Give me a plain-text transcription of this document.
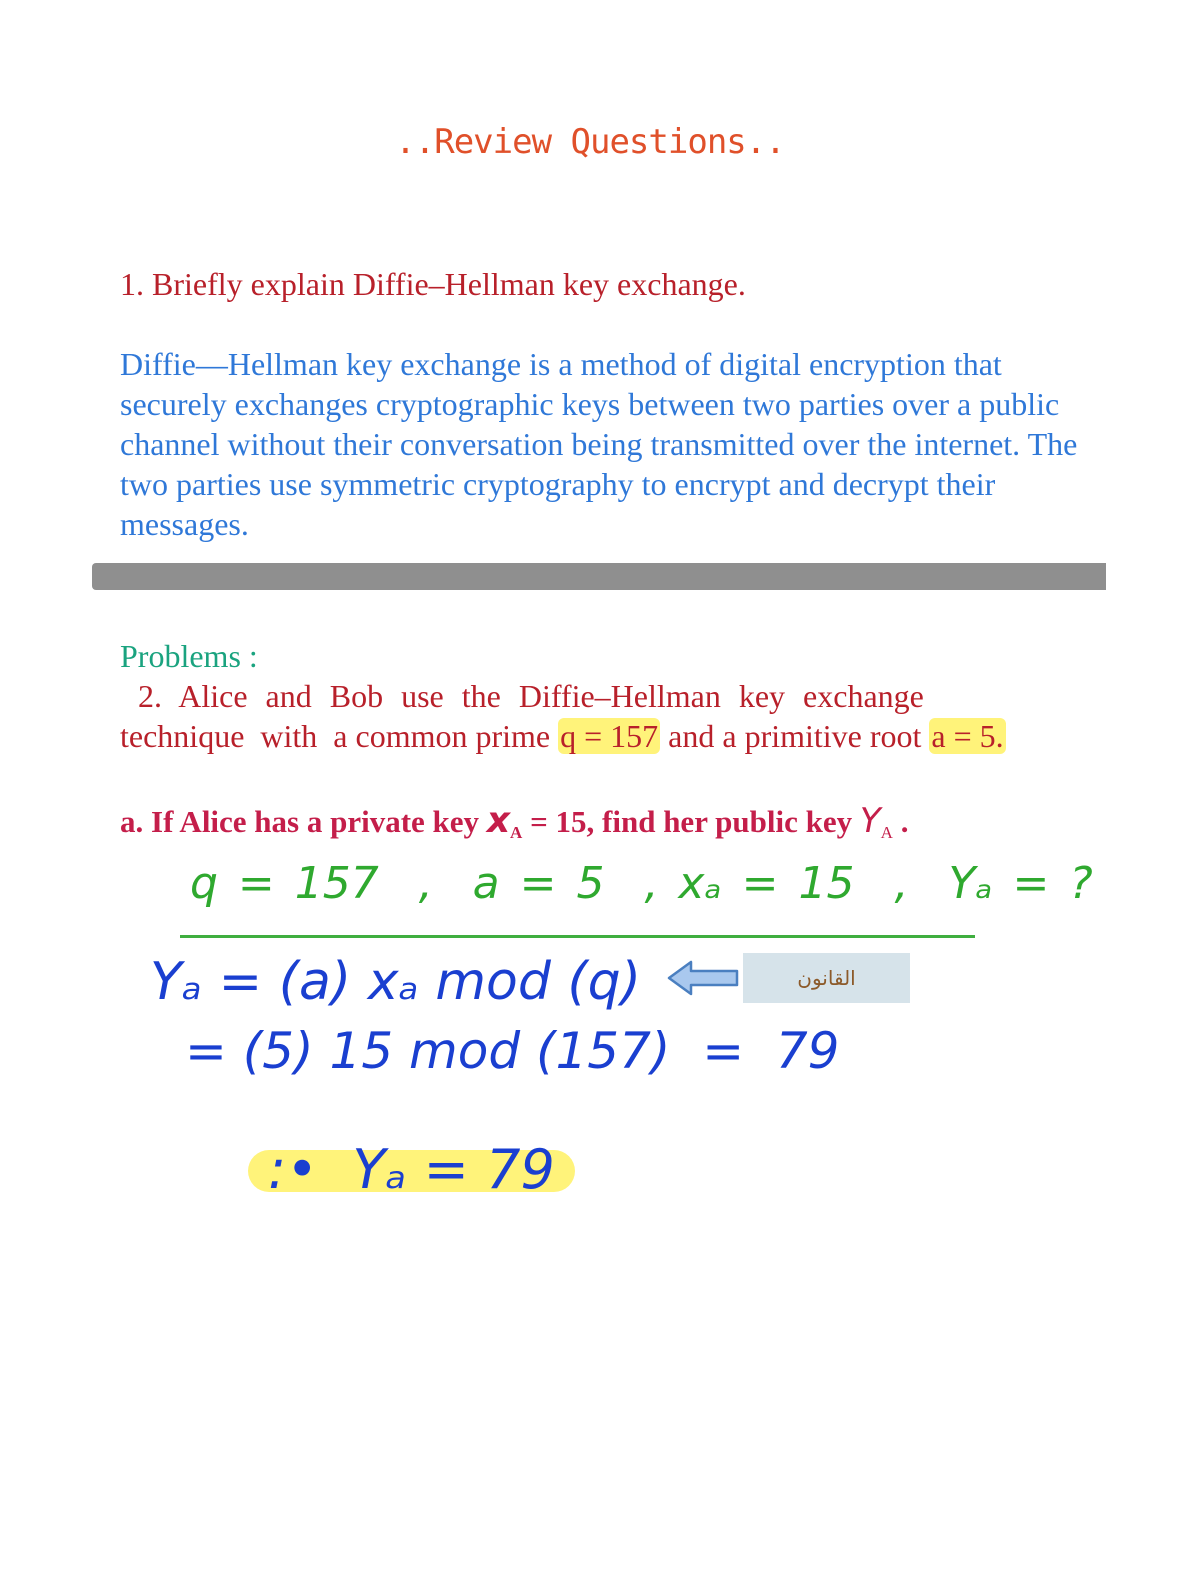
..Review Questions..
1. Briefly explain Diffie–Hellman key exchange.
Diffie—Hellman key exchange is a method of digital encryption that securely exchanges cryptographic keys between two parties over a public channel without their conversation being transmitted over the internet. The two parties use symmetric cryptography to encrypt and decrypt their messages.
Problems :
2. Alice and Bob use the Diffie–Hellman key exchange
technique  with  a common prime q = 157 and a primitive root a = 5.
a. If Alice has a private key $x_A = 15$, find her public key $Y_A$ .
q = 157  ,  a = 5  , xₐ = 15  ,  Yₐ = ?
Yₐ = (a) xₐ mod (q)	القانون
= (5) 15 mod (157)  =  79
:•  Yₐ = 79
